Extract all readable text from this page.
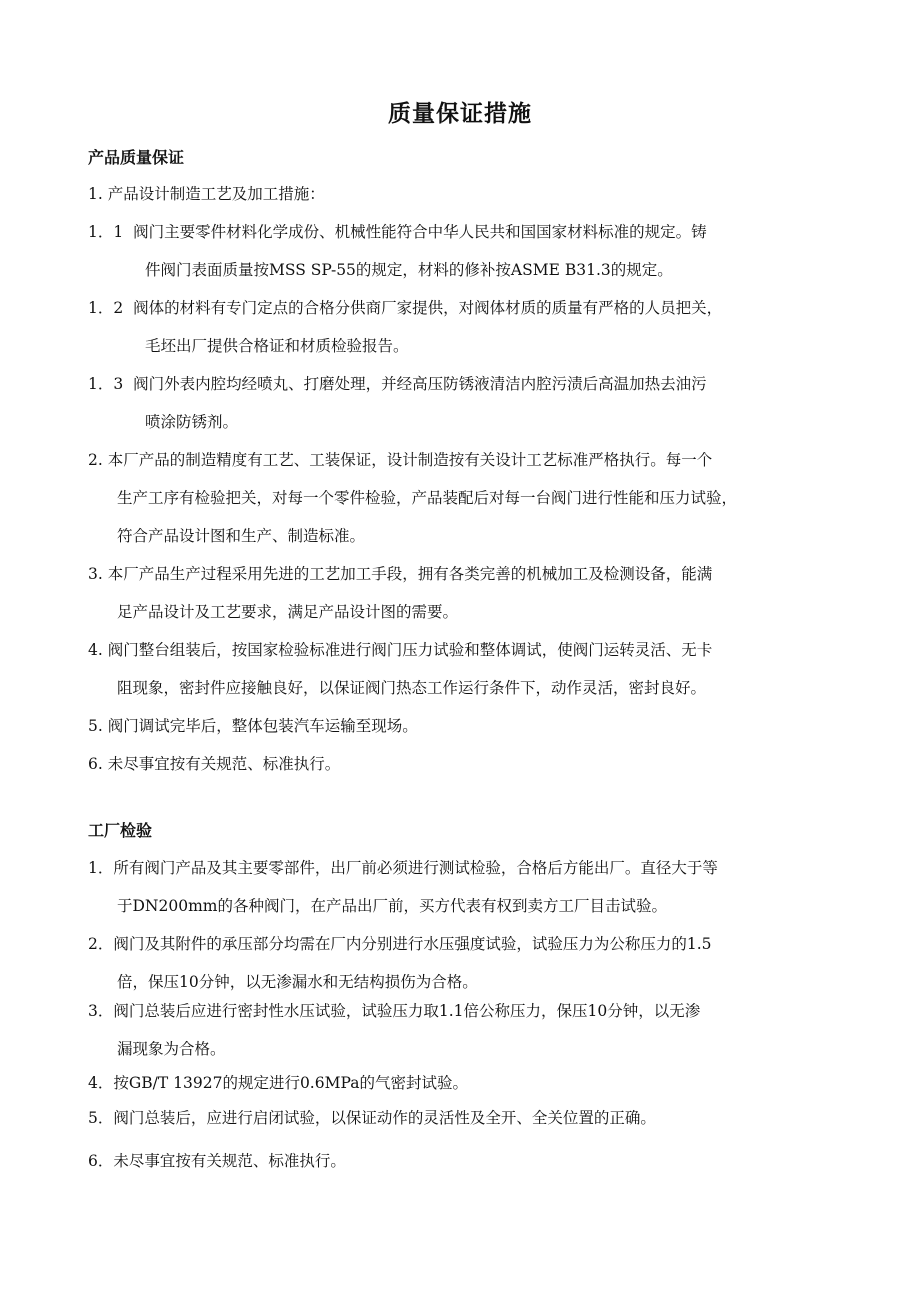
质量保证措施
产品质量保证
1. 产品设计制造工艺及加工措施：
1．1 阀门主要零件材料化学成份、机械性能符合中华人民共和国国家材料标准的规定。铸
件阀门表面质量按MSS SP-55的规定，材料的修补按ASME B31.3的规定。
1．2 阀体的材料有专门定点的合格分供商厂家提供，对阀体材质的质量有严格的人员把关，
毛坯出厂提供合格证和材质检验报告。
1．3 阀门外表内腔均经喷丸、打磨处理，并经高压防锈液清洁内腔污渍后高温加热去油污
喷涂防锈剂。
2. 本厂产品的制造精度有工艺、工装保证，设计制造按有关设计工艺标准严格执行。每一个
生产工序有检验把关，对每一个零件检验，产品装配后对每一台阀门进行性能和压力试验，
符合产品设计图和生产、制造标准。
3. 本厂产品生产过程采用先进的工艺加工手段，拥有各类完善的机械加工及检测设备，能满
足产品设计及工艺要求，满足产品设计图的需要。
4. 阀门整台组装后，按国家检验标准进行阀门压力试验和整体调试，使阀门运转灵活、无卡
阻现象，密封件应接触良好，以保证阀门热态工作运行条件下，动作灵活，密封良好。
5. 阀门调试完毕后，整体包装汽车运输至现场。
6. 未尽事宜按有关规范、标准执行。
工厂检验
1． 所有阀门产品及其主要零部件，出厂前必须进行测试检验，合格后方能出厂。直径大于等
于DN200mm的各种阀门，在产品出厂前，买方代表有权到卖方工厂目击试验。
2． 阀门及其附件的承压部分均需在厂内分别进行水压强度试验，试验压力为公称压力的1.5
倍，保压10分钟，以无渗漏水和无结构损伤为合格。
3． 阀门总装后应进行密封性水压试验，试验压力取1.1倍公称压力，保压10分钟，以无渗
漏现象为合格。
4． 按GB/T 13927的规定进行0.6MPa的气密封试验。
5． 阀门总装后，应进行启闭试验，以保证动作的灵活性及全开、全关位置的正确。
6． 未尽事宜按有关规范、标准执行。
